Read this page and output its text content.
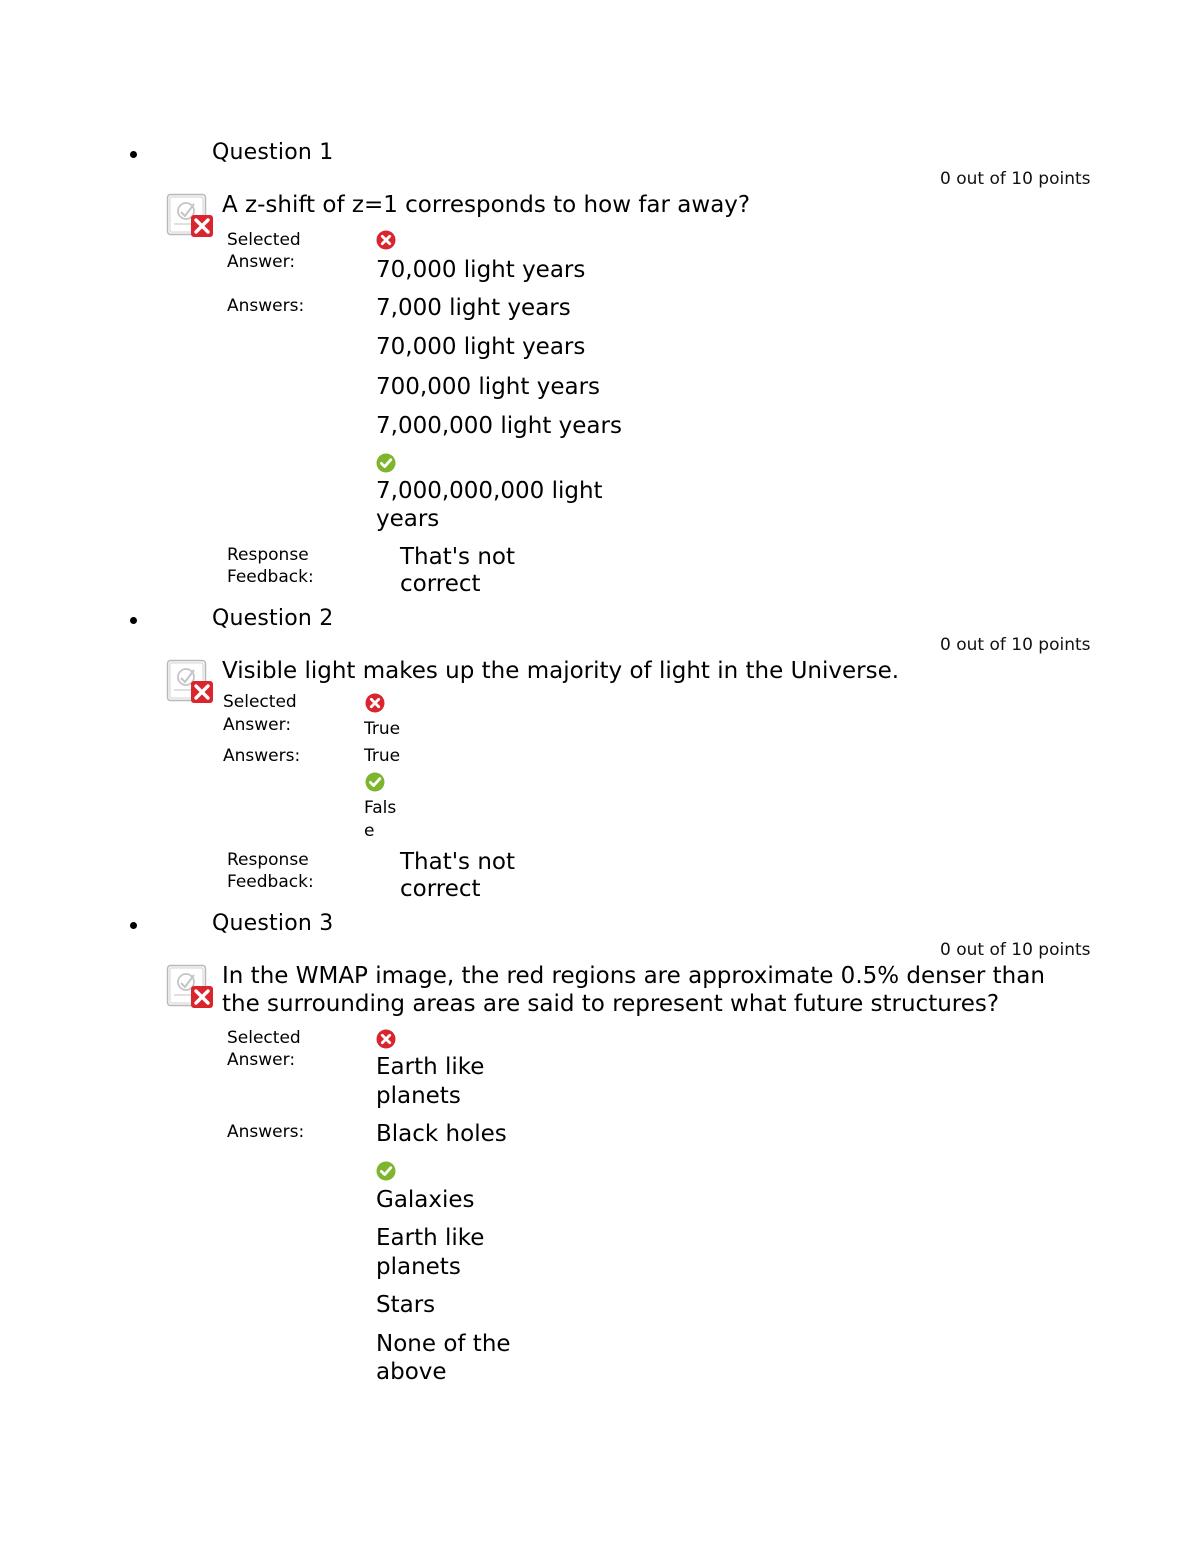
Question 1
0 out of 10 points
A z-shift of z=1 corresponds to how far away?
Selected
Answer:	70,000 light years
Answers:	7,000 light years
70,000 light years
700,000 light years
7,000,000 light years
7,000,000,000 light
years
Response
Feedback:
That's not
correct
Question 2
0 out of 10 points
Visible light makes up the majority of light in the Universe.
Selected
Answer:	True
Answers:	True
Fals
e
Response
Feedback:
That's not
correct
Question 3
0 out of 10 points
In the WMAP image, the red regions are approximate 0.5% denser than
the surrounding areas are said to represent what future structures?
Selected
Answer:	Earth like
planets
Answers:	Black holes
Galaxies
Earth like
planets
Stars
None of the
above
